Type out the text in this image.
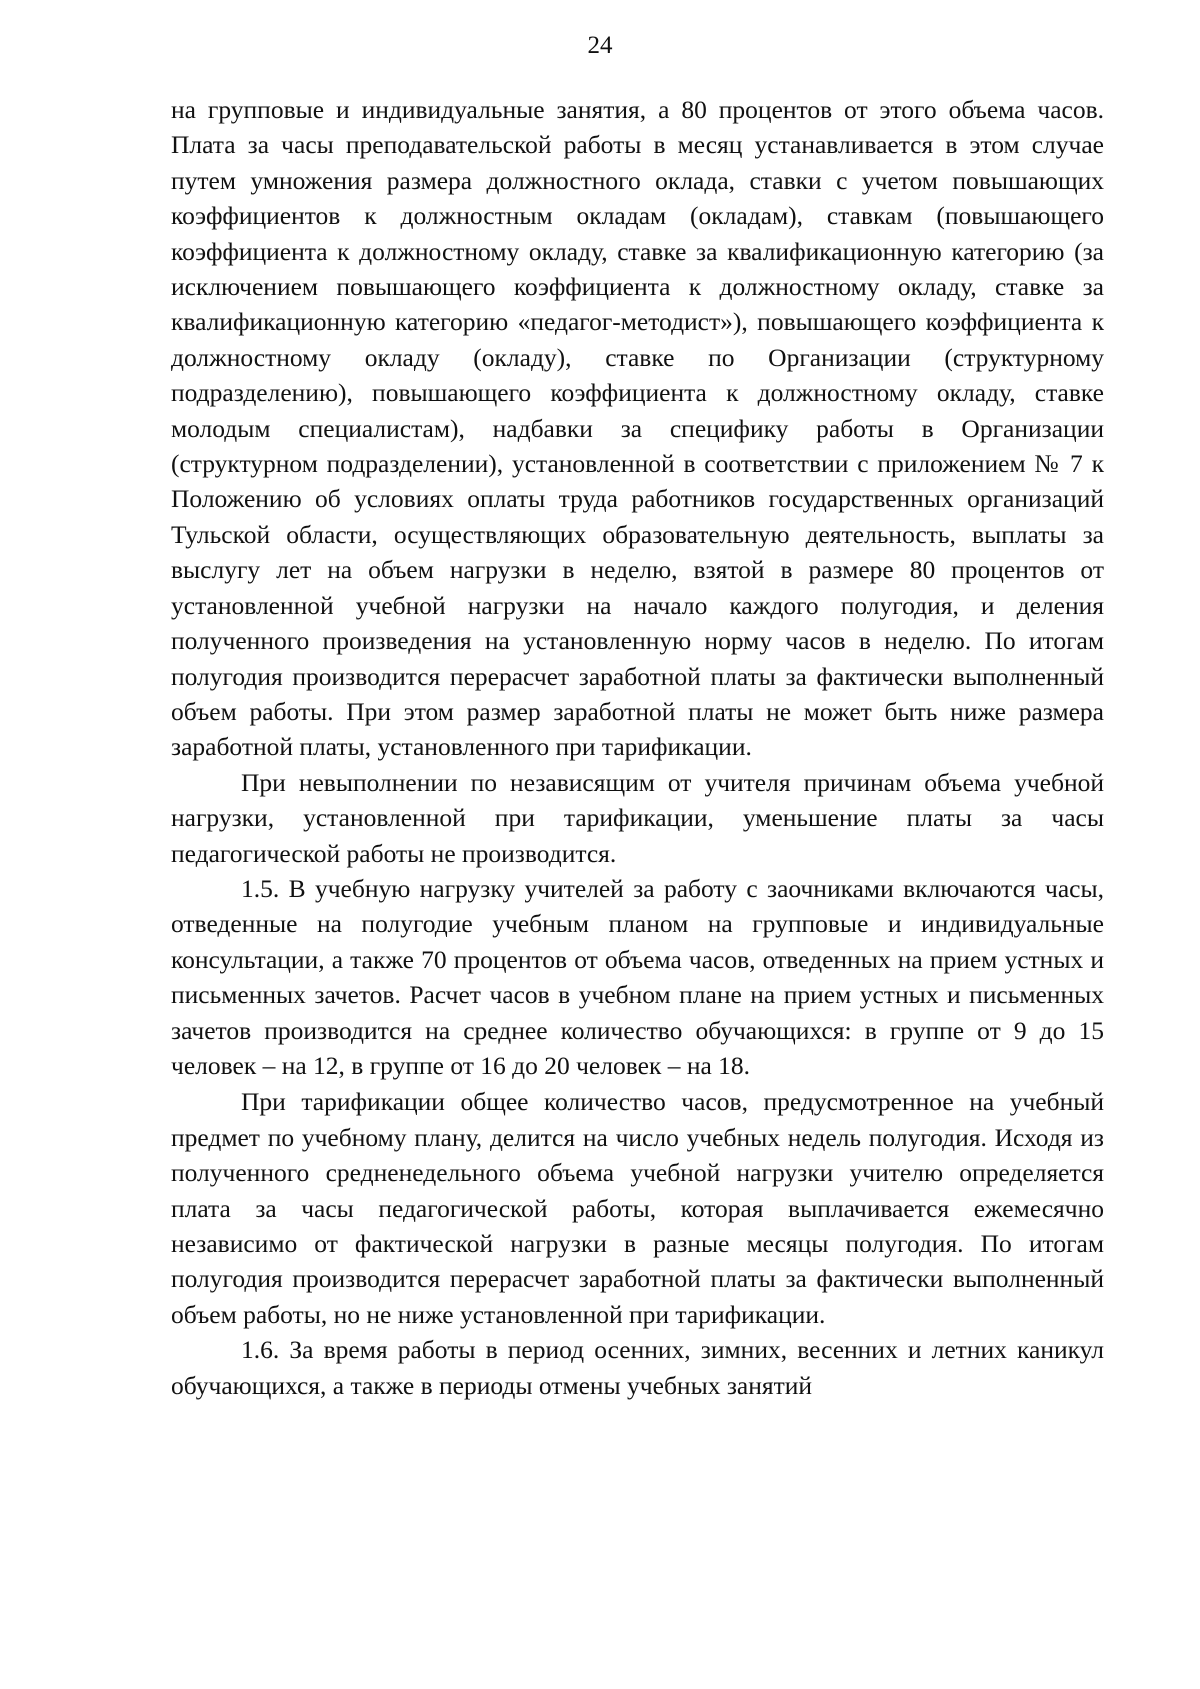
24

на групповые и индивидуальные занятия, а 80 процентов от этого объема часов. Плата за часы преподавательской работы в месяц устанавливается в этом случае путем умножения размера должностного оклада, ставки с учетом повышающих коэффициентов к должностным окладам (окладам), ставкам (повышающего коэффициента к должностному окладу, ставке за квалификационную категорию (за исключением повышающего коэффициента к должностному окладу, ставке за квалификационную категорию «педагог-методист»), повышающего коэффициента к должностному окладу (окладу), ставке по Организации (структурному подразделению), повышающего коэффициента к должностному окладу, ставке молодым специалистам), надбавки за специфику работы в Организации (структурном подразделении), установленной в соответствии с приложением № 7 к Положению об условиях оплаты труда работников государственных организаций Тульской области, осуществляющих образовательную деятельность, выплаты за выслугу лет на объем нагрузки в неделю, взятой в размере 80 процентов от установленной учебной нагрузки на начало каждого полугодия, и деления полученного произведения на установленную норму часов в неделю. По итогам полугодия производится перерасчет заработной платы за фактически выполненный объем работы. При этом размер заработной платы не может быть ниже размера заработной платы, установленного при тарификации.

При невыполнении по независящим от учителя причинам объема учебной нагрузки, установленной при тарификации, уменьшение платы за часы педагогической работы не производится.

1.5. В учебную нагрузку учителей за работу с заочниками включаются часы, отведенные на полугодие учебным планом на групповые и индивидуальные консультации, а также 70 процентов от объема часов, отведенных на прием устных и письменных зачетов. Расчет часов в учебном плане на прием устных и письменных зачетов производится на среднее количество обучающихся: в группе от 9 до 15 человек – на 12, в группе от 16 до 20 человек – на 18.

При тарификации общее количество часов, предусмотренное на учебный предмет по учебному плану, делится на число учебных недель полугодия. Исходя из полученного средненедельного объема учебной нагрузки учителю определяется плата за часы педагогической работы, которая выплачивается ежемесячно независимо от фактической нагрузки в разные месяцы полугодия. По итогам полугодия производится перерасчет заработной платы за фактически выполненный объем работы, но не ниже установленной при тарификации.

1.6. За время работы в период осенних, зимних, весенних и летних каникул обучающихся, а также в периоды отмены учебных занятий
